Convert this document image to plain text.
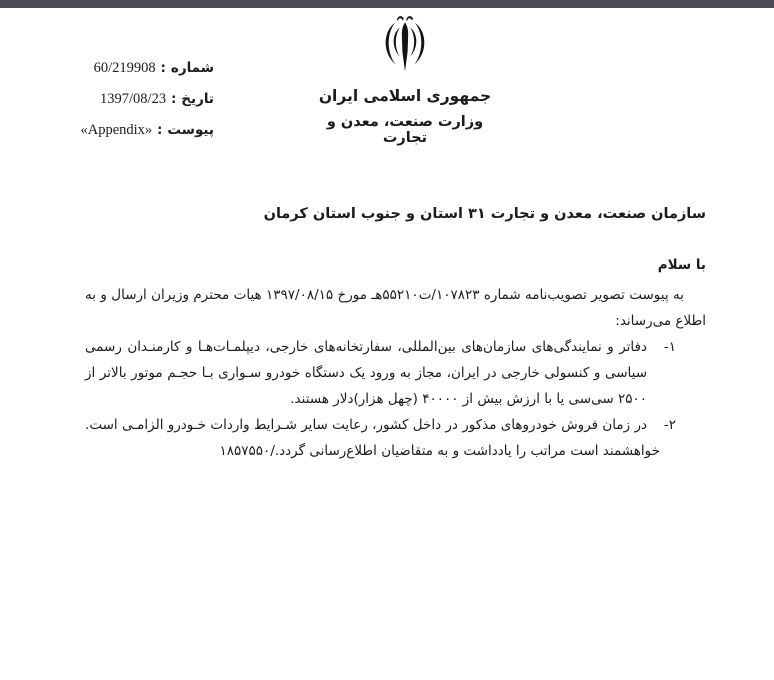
شماره
:
60/219908
تاریخ
:
1397/08/23
پیوست
:
«Appendix»
جمهوری اسلامی ایران
وزارت صنعت، معدن و تجارت
سازمان صنعت، معدن و تجارت ۳۱ استان و جنوب استان کرمان
با سلام

به پیوست تصویر تصویب‌نامه شماره ۱۰۷۸۲۳/ت۵۵۲۱۰هـ مورخ ۱۳۹۷/۰۸/۱۵ هیات محترم وزیران ارسال و به اطلاع می‌رساند:

۱-

دفاتر و نمایندگی‌های سازمان‌های بین‌المللی، سفارتخانه‌های خارجی، دیپلمـات‌هـا و کارمنـدان رسمی سیاسی و کنسولی خارجی در ایران، مجاز به ورود یک دستگاه خودرو سـواری بـا حجـم موتور بالاتر از ۲۵۰۰ سی‌سی یا با ارزش بیش از ۴۰۰۰۰ (چهل هزار)دلار هستند.

۲-

در زمان فروش خودروهای مذکور در داخل کشور، رعایت سایر شـرایط واردات خـودرو الزامـی است.

خواهشمند است مراتب را یادداشت و به متقاضیان اطلاع‌رسانی گردد./۱۸۵۷۵۵۰
